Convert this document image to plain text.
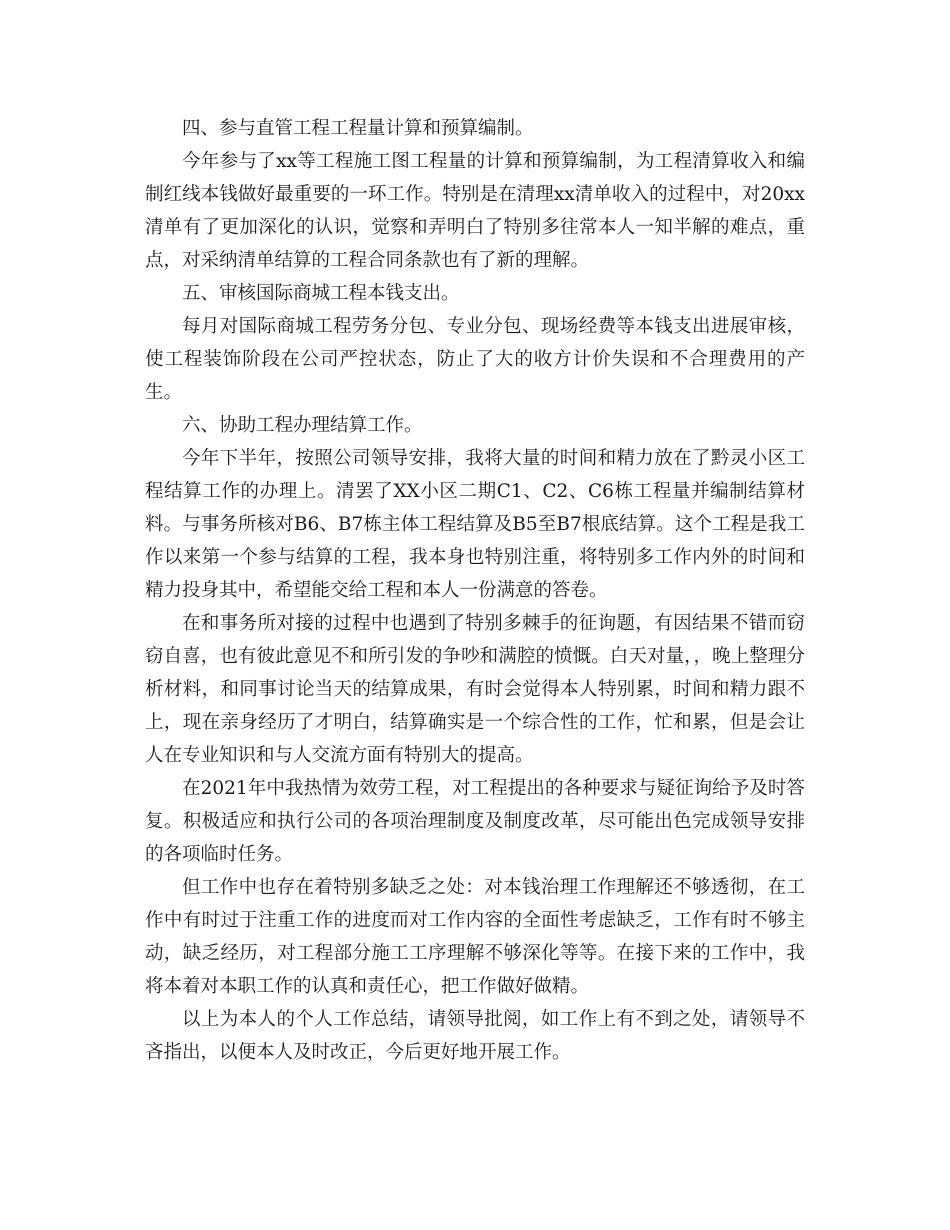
四、参与直管工程工程量计算和预算编制。

今年参与了xx等工程施工图工程量的计算和预算编制，为工程清算收入和编制红线本钱做好最重要的一环工作。特别是在清理xx清单收入的过程中，对20xx清单有了更加深化的认识，觉察和弄明白了特别多往常本人一知半解的难点，重点，对采纳清单结算的工程合同条款也有了新的理解。

五、审核国际商城工程本钱支出。

每月对国际商城工程劳务分包、专业分包、现场经费等本钱支出进展审核，使工程装饰阶段在公司严控状态，防止了大的收方计价失误和不合理费用的产生。

六、协助工程办理结算工作。

今年下半年，按照公司领导安排，我将大量的时间和精力放在了黔灵小区工程结算工作的办理上。清罢了XX小区二期C1、C2、C6栋工程量并编制结算材料。与事务所核对B6、B7栋主体工程结算及B5至B7根底结算。这个工程是我工作以来第一个参与结算的工程，我本身也特别注重，将特别多工作内外的时间和精力投身其中，希望能交给工程和本人一份满意的答卷。

在和事务所对接的过程中也遇到了特别多棘手的征询题，有因结果不错而窃窃自喜，也有彼此意见不和所引发的争吵和满腔的愤慨。白天对量，，晚上整理分析材料，和同事讨论当天的结算成果，有时会觉得本人特别累，时间和精力跟不上，现在亲身经历了才明白，结算确实是一个综合性的工作，忙和累，但是会让人在专业知识和与人交流方面有特别大的提高。

在2021年中我热情为效劳工程，对工程提出的各种要求与疑征询给予及时答复。积极适应和执行公司的各项治理制度及制度改革，尽可能出色完成领导安排的各项临时任务。

但工作中也存在着特别多缺乏之处：对本钱治理工作理解还不够透彻，在工作中有时过于注重工作的进度而对工作内容的全面性考虑缺乏，工作有时不够主动，缺乏经历，对工程部分施工工序理解不够深化等等。在接下来的工作中，我将本着对本职工作的认真和责任心，把工作做好做精。

以上为本人的个人工作总结，请领导批阅，如工作上有不到之处，请领导不吝指出，以便本人及时改正，今后更好地开展工作。
